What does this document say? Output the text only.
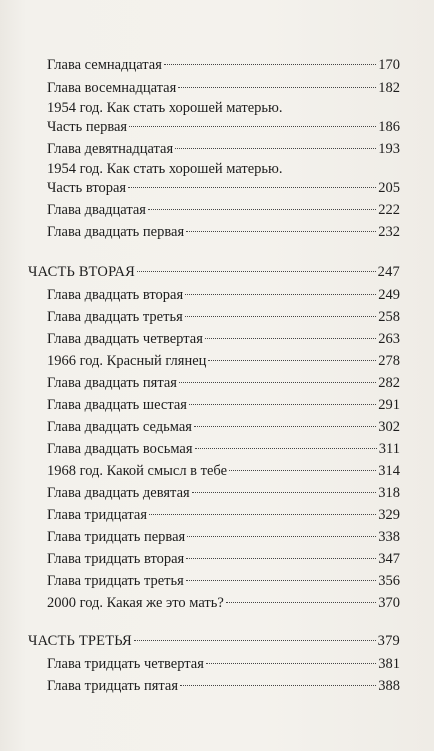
Глава семнадцатая	170
Глава восемнадцатая	182
1954 год. Как стать хорошей матерью.
Часть первая	186
Глава девятнадцатая	193
1954 год. Как стать хорошей матерью.
Часть вторая	205
Глава двадцатая	222
Глава двадцать первая	232
ЧАСТЬ ВТОРАЯ	247
Глава двадцать вторая	249
Глава двадцать третья	258
Глава двадцать четвертая	263
1966 год. Красный глянец	278
Глава двадцать пятая	282
Глава двадцать шестая	291
Глава двадцать седьмая	302
Глава двадцать восьмая	311
1968 год. Какой смысл в тебе	314
Глава двадцать девятая	318
Глава тридцатая	329
Глава тридцать первая	338
Глава тридцать вторая	347
Глава тридцать третья	356
2000 год. Какая же это мать?	370
ЧАСТЬ ТРЕТЬЯ	379
Глава тридцать четвертая	381
Глава тридцать пятая	388
